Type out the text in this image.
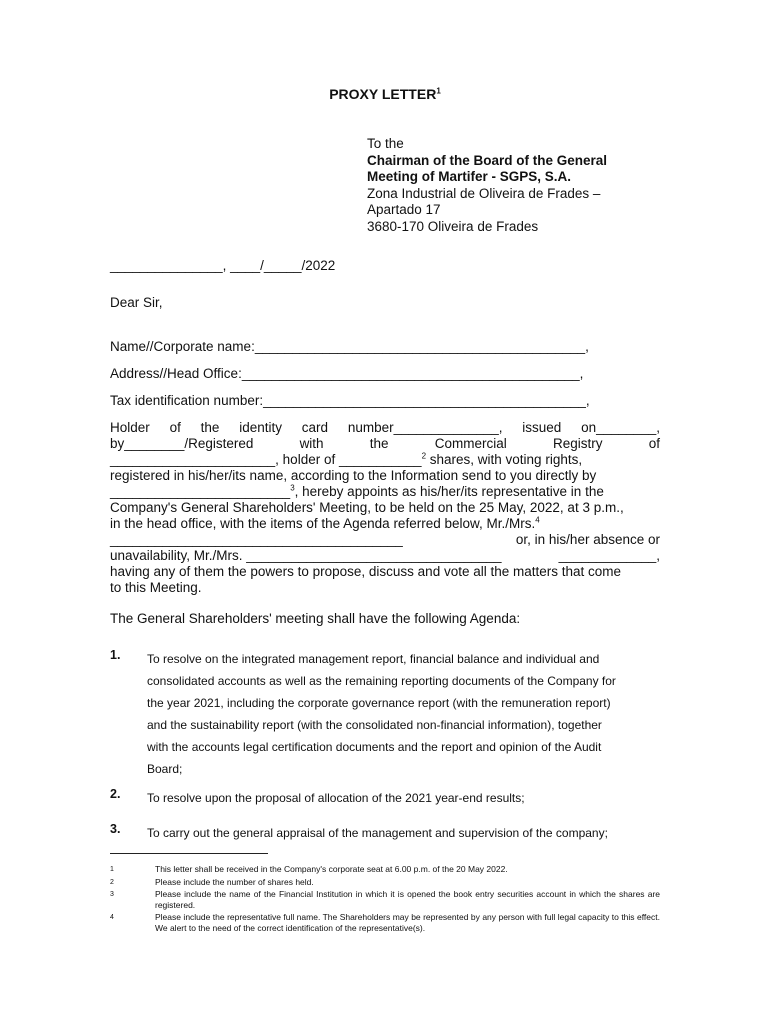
PROXY LETTER$^1$
To the
Chairman of the Board of the General
Meeting of Martifer - SGPS, S.A.
Zona Industrial de Oliveira de Frades –
Apartado 17
3680-170 Oliveira de Frades
_______________, ____/_____/2022
Dear Sir,
Name//Corporate name:____________________________________________,
Address//Head Office:_____________________________________________,
Tax identification number:___________________________________________,
Holder of the identity card number______________, issued on________,
by________/Registered	with	the	Commercial	Registry	of
______________________, holder of ___________$^2$ shares, with voting rights,
registered in his/her/its name, according to the Information send to you directly by
________________________$^3$, hereby appoints as his/her/its representative in the
Company's General Shareholders' Meeting, to be held on the 25 May, 2022, at 3 p.m.,
in the head office, with the items of the Agenda referred below, Mr./Mrs.$^4$
_______________________________________	or, in his/her absence or
unavailability, Mr./Mrs. __________________________________	_____________,
having any of them the powers to propose, discuss and vote all the matters that come
to this Meeting.
The General Shareholders' meeting shall have the following Agenda:
1. To resolve on the integrated management report, financial balance and individual and
consolidated accounts as well as the remaining reporting documents of the Company for
the year 2021, including the corporate governance report (with the remuneration report)
and the sustainability report (with the consolidated non-financial information), together
with the accounts legal certification documents and the report and opinion of the Audit
Board;
2. To resolve upon the proposal of allocation of the 2021 year-end results;
3. To carry out the general appraisal of the management and supervision of the company;
1	This letter shall be received in the Company's corporate seat at 6.00 p.m. of the 20 May 2022.
2	Please include the number of shares held.
3	Please include the name of the Financial Institution in which it is opened the book entry securities account in which the shares are registered.
4	Please include the representative full name. The Shareholders may be represented by any person with full legal capacity to this effect. We alert to the need of the correct identification of the representative(s).
